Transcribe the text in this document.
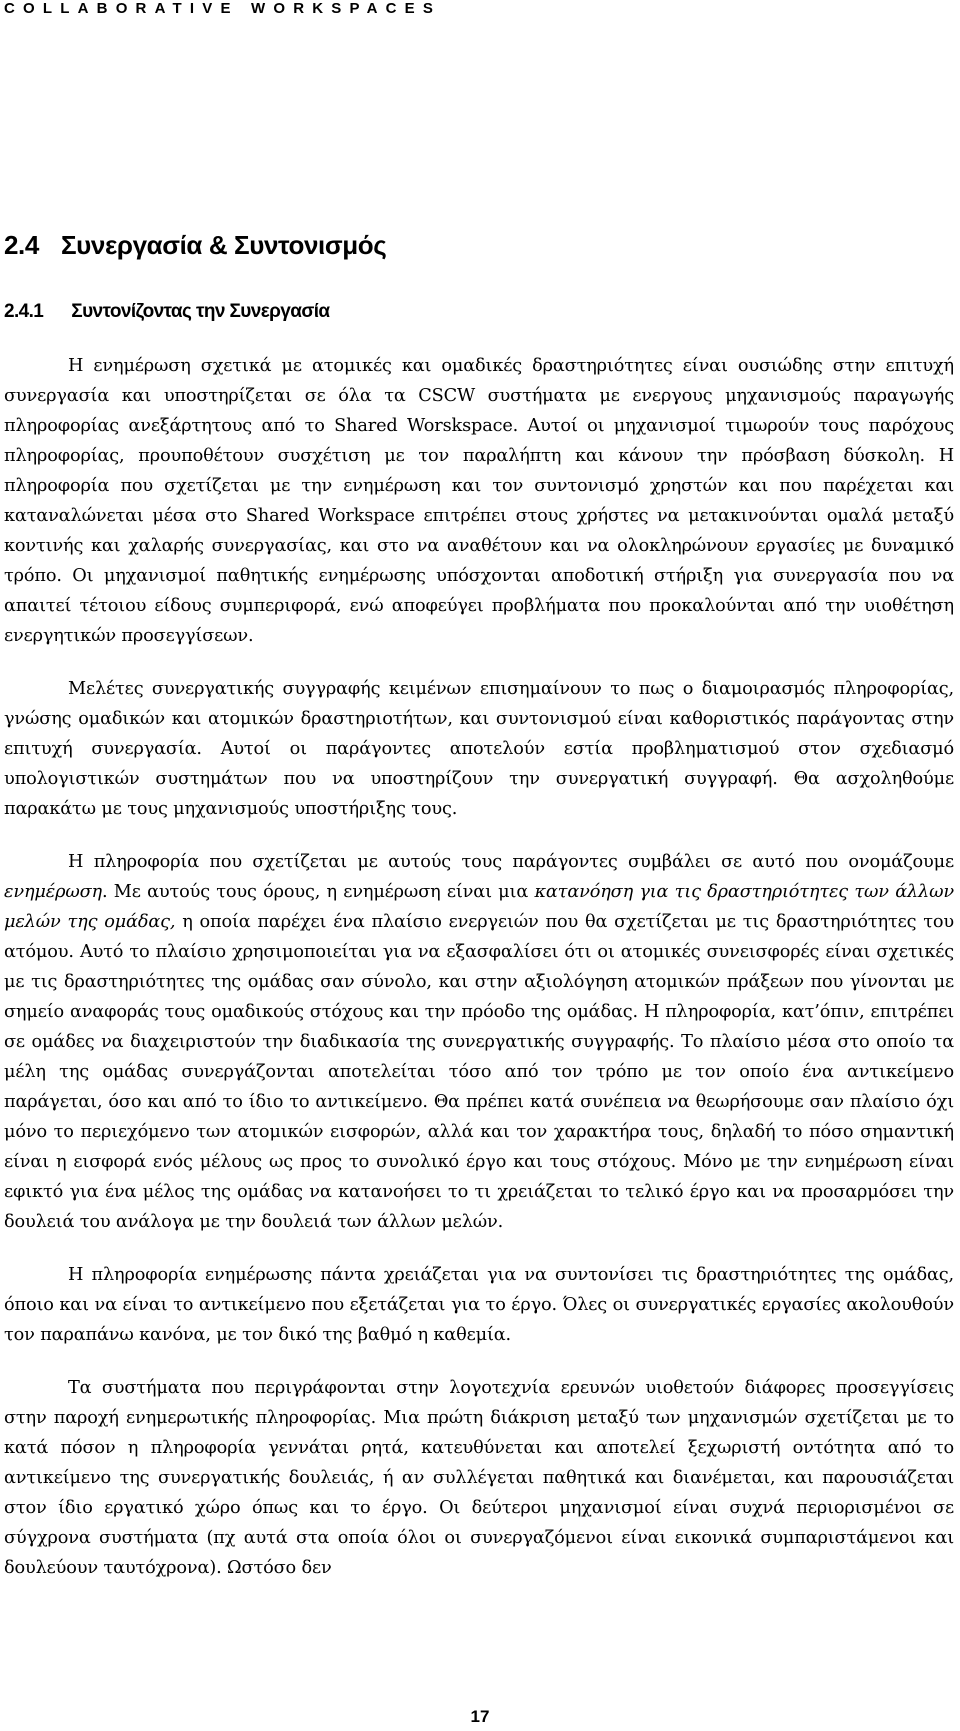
COLLABORATIVE WORKSPACES
2.4 Συνεργασία & Συντονισμός
2.4.1 Συντονίζοντας την Συνεργασία

Η ενημέρωση σχετικά με ατομικές και ομαδικές δραστηριότητες είναι ουσιώδης στην επιτυχή συνεργασία και υποστηρίζεται σε όλα τα CSCW συστήματα με ενεργους μηχανισμούς παραγωγής πληροφορίας ανεξάρτητους από το Shared Worskspace. Αυτοί οι μηχανισμοί τιμωρούν τους παρόχους πληροφορίας, προυποθέτουν συσχέτιση με τον παραλήπτη και κάνουν την πρόσβαση δύσκολη. Η πληροφορία που σχετίζεται με την ενημέρωση και τον συντονισμό χρηστών και που παρέχεται και καταναλώνεται μέσα στο Shared Workspace επιτρέπει στους χρήστες να μετακινούνται ομαλά μεταξύ κοντινής και χαλαρής συνεργασίας, και στο να αναθέτουν και να ολοκληρώνουν εργασίες με δυναμικό τρόπο. Οι μηχανισμοί παθητικής ενημέρωσης υπόσχονται αποδοτική στήριξη για συνεργασία που να απαιτεί τέτοιου είδους συμπεριφορά, ενώ αποφεύγει προβλήματα που προκαλούνται από την υιοθέτηση ενεργητικών προσεγγίσεων.

Μελέτες συνεργατικής συγγραφής κειμένων επισημαίνουν το πως ο διαμοιρασμός πληροφορίας, γνώσης ομαδικών και ατομικών δραστηριοτήτων, και συντονισμού είναι καθοριστικός παράγοντας στην επιτυχή συνεργασία. Αυτοί οι παράγοντες αποτελούν εστία προβληματισμού στον σχεδιασμό υπολογιστικών συστημάτων που να υποστηρίζουν την συνεργατική συγγραφή. Θα ασχοληθούμε παρακάτω με τους μηχανισμούς υποστήριξης τους.

Η πληροφορία που σχετίζεται με αυτούς τους παράγοντες συμβάλει σε αυτό που ονομάζουμε ενημέρωση. Με αυτούς τους όρους, η ενημέρωση είναι μια κατανόηση για τις δραστηριότητες των άλλων μελών της ομάδας, η οποία παρέχει ένα πλαίσιο ενεργειών που θα σχετίζεται με τις δραστηριότητες του ατόμου. Αυτό το πλαίσιο χρησιμοποιείται για να εξασφαλίσει ότι οι ατομικές συνεισφορές είναι σχετικές με τις δραστηριότητες της ομάδας σαν σύνολο, και στην αξιολόγηση ατομικών πράξεων που γίνονται με σημείο αναφοράς τους ομαδικούς στόχους και την πρόοδο της ομάδας. Η πληροφορία, κατ’όπιν, επιτρέπει σε ομάδες να διαχειριστούν την διαδικασία της συνεργατικής συγγραφής. Το πλαίσιο μέσα στο οποίο τα μέλη της ομάδας συνεργάζονται αποτελείται τόσο από τον τρόπο με τον οποίο ένα αντικείμενο παράγεται, όσο και από το ίδιο το αντικείμενο. Θα πρέπει κατά συνέπεια να θεωρήσουμε σαν πλαίσιο όχι μόνο το περιεχόμενο των ατομικών εισφορών, αλλά και τον χαρακτήρα τους, δηλαδή το πόσο σημαντική είναι η εισφορά ενός μέλους ως προς το συνολικό έργο και τους στόχους. Μόνο με την ενημέρωση είναι εφικτό για ένα μέλος της ομάδας να κατανοήσει το τι χρειάζεται το τελικό έργο και να προσαρμόσει την δουλειά του ανάλογα με την δουλειά των άλλων μελών.

Η πληροφορία ενημέρωσης πάντα χρειάζεται για να συντονίσει τις δραστηριότητες της ομάδας, όποιο και να είναι το αντικείμενο που εξετάζεται για το έργο. Όλες οι συνεργατικές εργασίες ακολουθούν τον παραπάνω κανόνα, με τον δικό της βαθμό η καθεμία.

Τα συστήματα που περιγράφονται στην λογοτεχνία ερευνών υιοθετούν διάφορες προσεγγίσεις στην παροχή ενημερωτικής πληροφορίας. Μια πρώτη διάκριση μεταξύ των μηχανισμών σχετίζεται με το κατά πόσον η πληροφορία γεννάται ρητά, κατευθύνεται και αποτελεί ξεχωριστή οντότητα από το αντικείμενο της συνεργατικής δουλειάς, ή αν συλλέγεται παθητικά και διανέμεται, και παρουσιάζεται στον ίδιο εργατικό χώρο όπως και το έργο. Οι δεύτεροι μηχανισμοί είναι συχνά περιορισμένοι σε σύγχρονα συστήματα (πχ αυτά στα οποία όλοι οι συνεργαζόμενοι είναι εικονικά συμπαριστάμενοι και δουλεύουν ταυτόχρονα). Ωστόσο δεν

17
